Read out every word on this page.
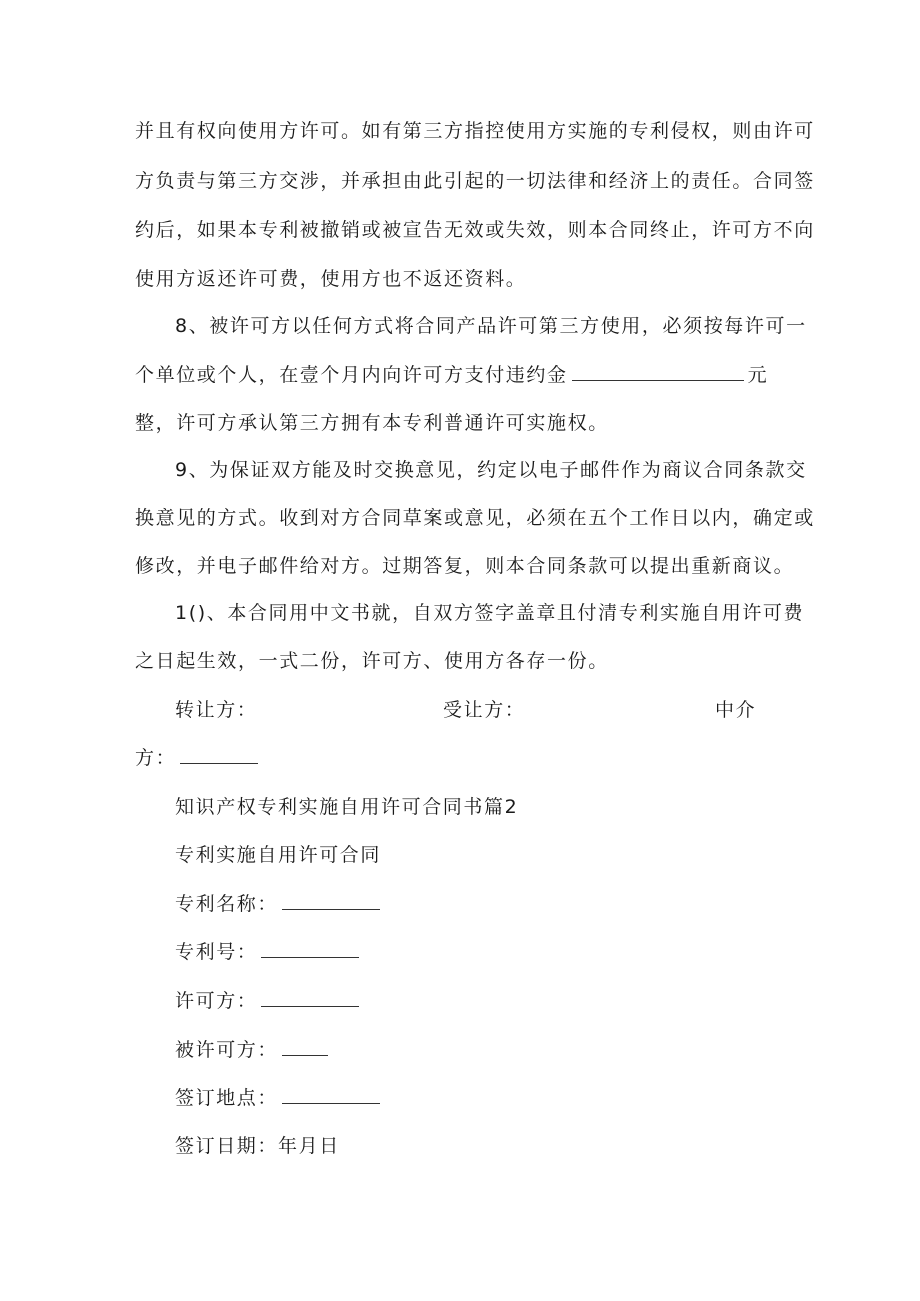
并且有权向使用方许可。如有第三方指控使用方实施的专利侵权，则由许可
方负责与第三方交涉，并承担由此引起的一切法律和经济上的责任。合同签
约后，如果本专利被撤销或被宣告无效或失效，则本合同终止，许可方不向
使用方返还许可费，使用方也不返还资料。
8、被许可方以任何方式将合同产品许可第三方使用，必须按每许可一
个单位或个人，在壹个月内向许可方支付违约金	元
整，许可方承认第三方拥有本专利普通许可实施权。
9、为保证双方能及时交换意见，约定以电子邮件作为商议合同条款交
换意见的方式。收到对方合同草案或意见，必须在五个工作日以内，确定或
修改，并电子邮件给对方。过期答复，则本合同条款可以提出重新商议。
1()、本合同用中文书就，自双方签字盖章且付清专利实施自用许可费
之日起生效，一式二份，许可方、使用方各存一份。
转让方：	受让方：	中介
方：
知识产权专利实施自用许可合同书篇2
专利实施自用许可合同
专利名称：
专利号：
许可方：
被许可方：
签订地点：
签订日期：年月日
